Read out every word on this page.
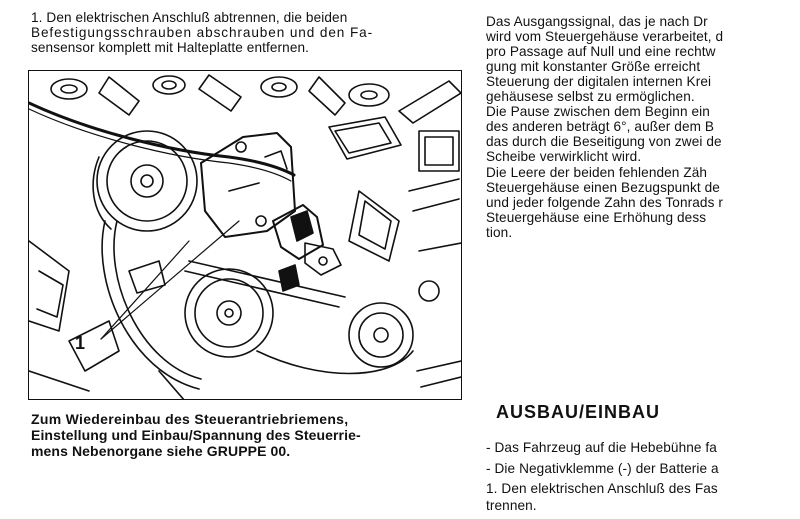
1. Den elektrischen Anschluß abtrennen, die beiden
Befestigungsschrauben abschrauben und den Fa-
sensensor komplett mit Halteplatte entfernen.
1
Zum Wiedereinbau des Steuerantriebriemens,
Einstellung und Einbau/Spannung des Steuerrie-
mens Nebenorgane siehe GRUPPE 00.
Das Ausgangssignal, das je nach Dr
wird vom Steuergehäuse verarbeitet, d
pro Passage auf Null und eine rechtw
gung mit konstanter Größe erreicht
Steuerung der digitalen internen Krei
gehäusese selbst zu ermöglichen.
Die Pause zwischen dem Beginn ein
des anderen beträgt 6°, außer dem B
das durch die Beseitigung von zwei de
Scheibe verwirklicht wird.
Die Leere der beiden fehlenden Zäh
Steuergehäuse einen Bezugspunkt de
und jeder folgende Zahn des Tonrads r
Steuergehäuse eine Erhöhung dess
tion.
AUSBAU/EINBAU
- Das Fahrzeug auf die Hebebühne fa
- Die Negativklemme (-) der Batterie a
1. Den elektrischen Anschluß des Fas
trennen.
